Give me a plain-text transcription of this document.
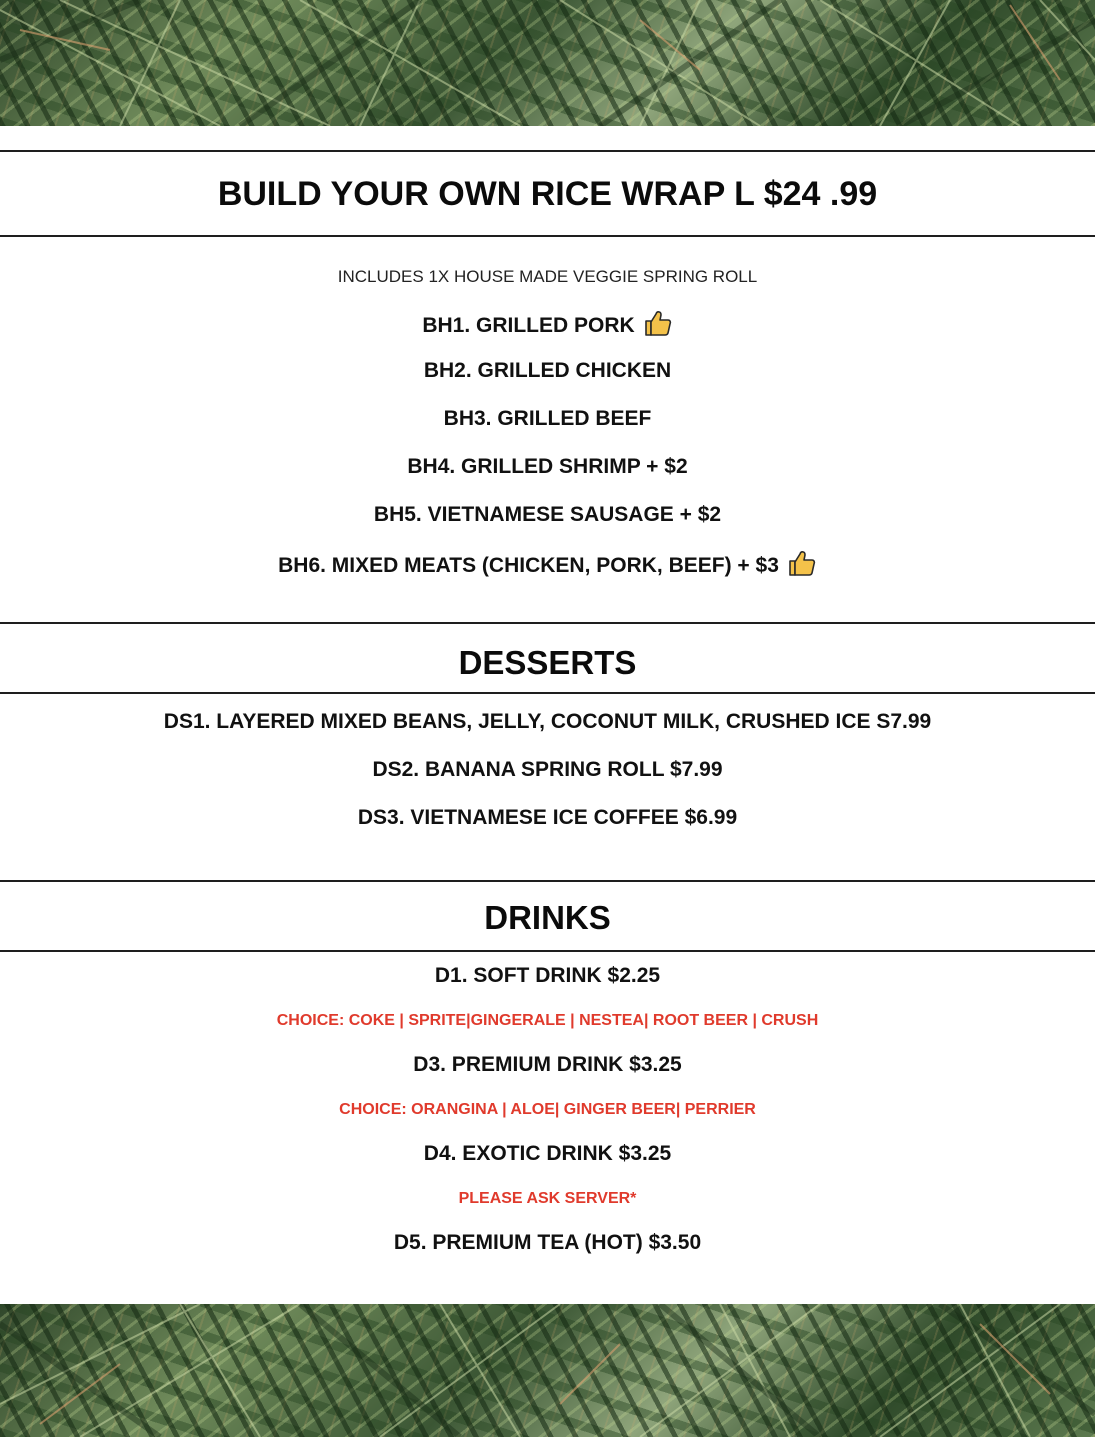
BUILD YOUR OWN RICE WRAP L $24 .99
INCLUDES 1X HOUSE MADE VEGGIE SPRING ROLL
BH1. GRILLED PORK
BH2. GRILLED CHICKEN
BH3. GRILLED BEEF
BH4. GRILLED SHRIMP + $2
BH5. VIETNAMESE SAUSAGE + $2
BH6. MIXED MEATS (CHICKEN, PORK, BEEF) + $3
DESSERTS
DS1. LAYERED MIXED BEANS, JELLY, COCONUT MILK, CRUSHED ICE S7.99
DS2. BANANA SPRING ROLL $7.99
DS3. VIETNAMESE ICE COFFEE $6.99
DRINKS
D1. SOFT DRINK $2.25
CHOICE: COKE | SPRITE|GINGERALE | NESTEA| ROOT BEER | CRUSH
D3. PREMIUM DRINK $3.25
CHOICE: ORANGINA | ALOE| GINGER BEER| PERRIER
D4. EXOTIC DRINK $3.25
PLEASE ASK SERVER*
D5. PREMIUM TEA (HOT) $3.50
